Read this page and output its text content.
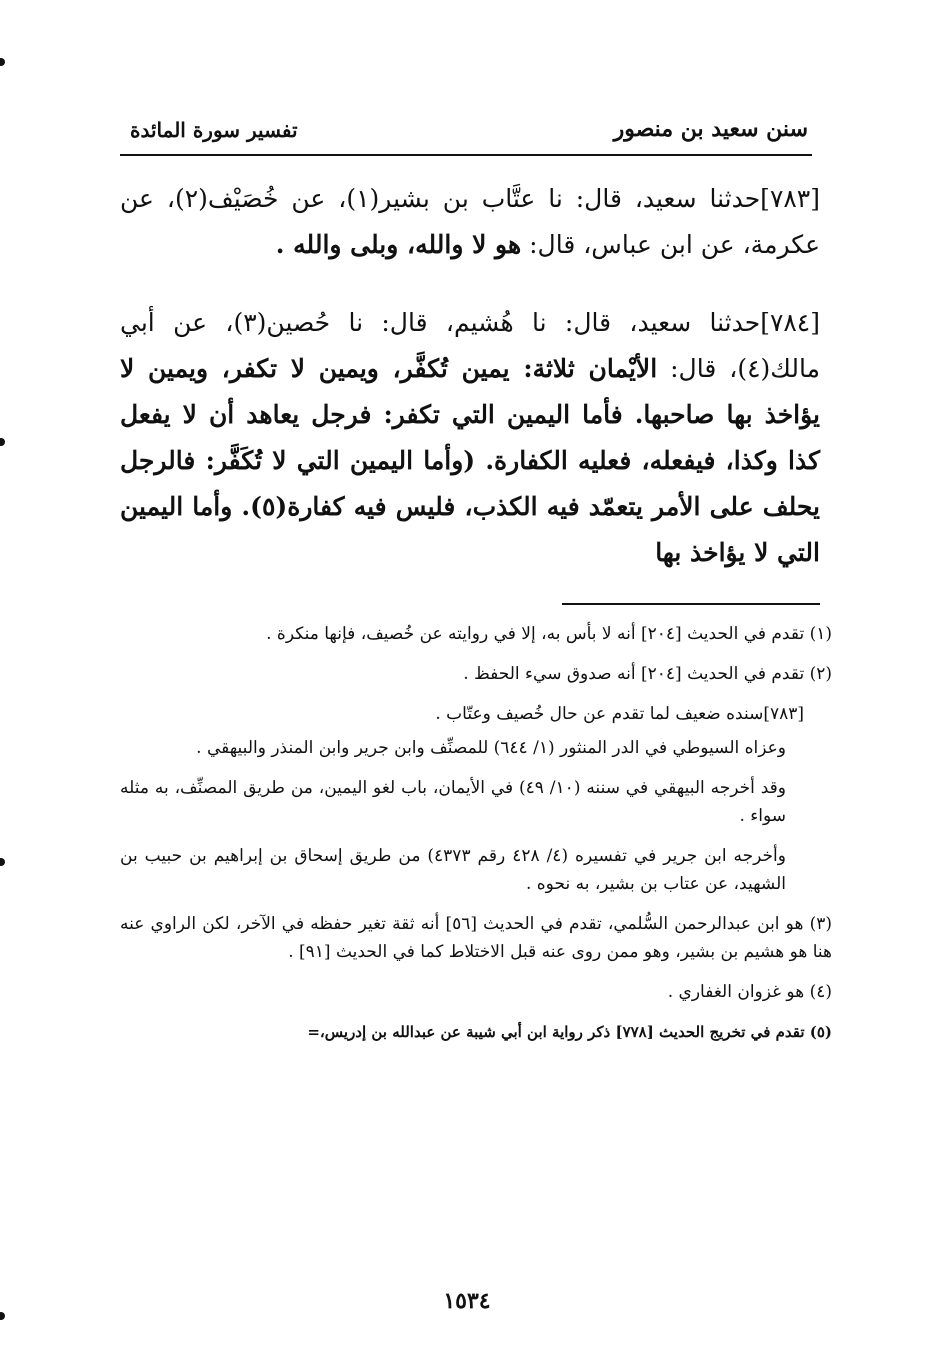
سنن سعيد بن منصور
تفسير سورة المائدة

[٧٨٣]حدثنا سعيد، قال: نا عتَّاب بن بشير(١)، عن خُصَيْف(٢)، عن عكرمة، عن ابن عباس، قال: هو لا والله، وبلى والله .

[٧٨٤]حدثنا سعيد، قال: نا هُشيم، قال: نا حُصين(٣)، عن أبي مالك(٤)، قال: الأيْمان ثلاثة: يمين تُكفَّر، ويمين لا تكفر، ويمين لا يؤاخذ بها صاحبها. فأما اليمين التي تكفر: فرجل يعاهد أن لا يفعل كذا وكذا، فيفعله، فعليه الكفارة. (وأما اليمين التي لا تُكَفَّر: فالرجل يحلف على الأمر يتعمّد فيه الكذب، فليس فيه كفارة(٥). وأما اليمين التي لا يؤاخذ بها

(١) تقدم في الحديث [٢٠٤] أنه لا بأس به، إلا في روايته عن خُصيف، فإنها منكرة .

(٢) تقدم في الحديث [٢٠٤] أنه صدوق سيء الحفظ .

[٧٨٣]سنده ضعيف لما تقدم عن حال خُصيف وعتّاب .

وعزاه السيوطي في الدر المنثور (١/ ٦٤٤) للمصنِّف وابن جرير وابن المنذر والبيهقي .

وقد أخرجه البيهقي في سننه (١٠/ ٤٩) في الأيمان، باب لغو اليمين، من طريق المصنِّف، به مثله سواء .

وأخرجه ابن جرير في تفسيره (٤/ ٤٢٨ رقم ٤٣٧٣) من طريق إسحاق بن إبراهيم بن حبيب بن الشهيد، عن عتاب بن بشير، به نحوه .

(٣) هو ابن عبدالرحمن السُّلمي، تقدم في الحديث [٥٦] أنه ثقة تغير حفظه في الآخر، لكن الراوي عنه هنا هو هشيم بن بشير، وهو ممن روى عنه قبل الاختلاط كما في الحديث [٩١] .

(٤) هو غزوان الغفاري .

(٥) تقدم في تخريج الحديث [٧٧٨] ذكر رواية ابن أبي شيبة عن عبدالله بن إدريس،=

١٥٣٤
